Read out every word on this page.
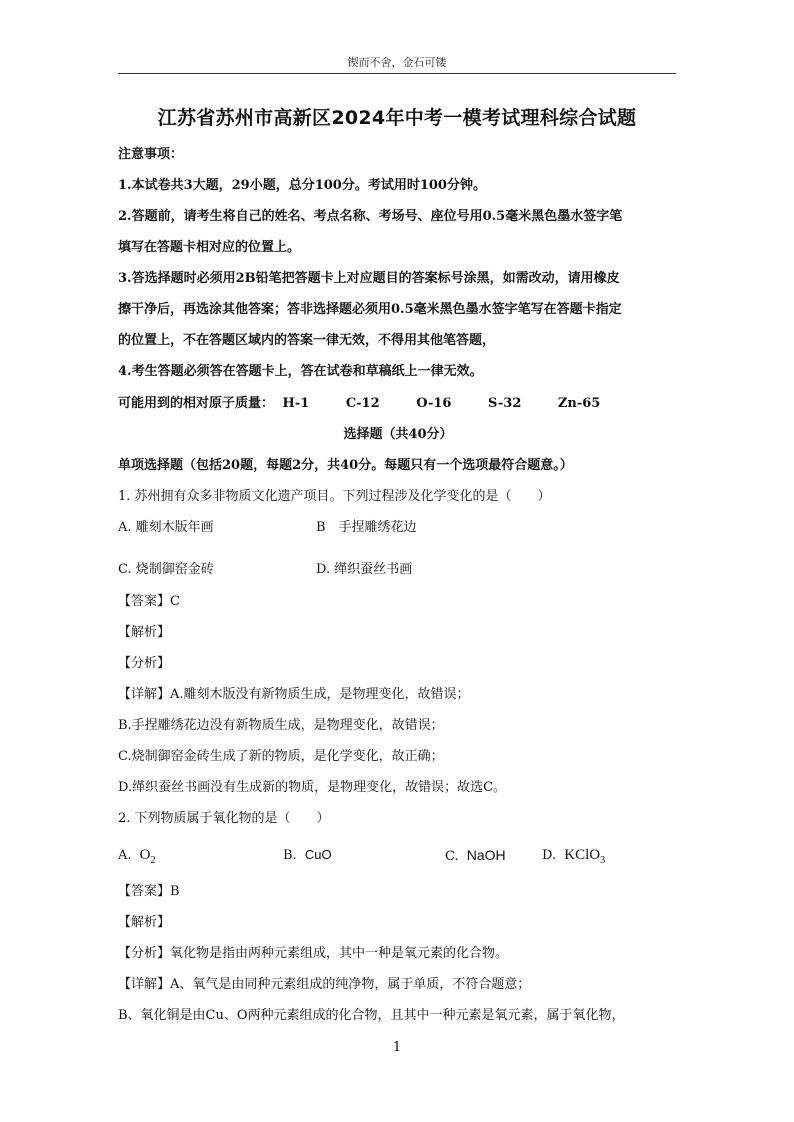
锲而不舍，金石可镂
江苏省苏州市高新区2024年中考一模考试理科综合试题
注意事项：
1.本试卷共3大题，29小题，总分100分。考试用时100分钟。
2.答题前，请考生将自己的姓名、考点名称、考场号、座位号用0.5毫米黑色墨水签字笔
填写在答题卡相对应的位置上。
3.答选择题时必须用2B铅笔把答题卡上对应题目的答案标号涂黑，如需改动，请用橡皮
擦干净后，再选涂其他答案；答非选择题必须用0.5毫米黑色墨水签字笔写在答题卡指定
的位置上，不在答题区域内的答案一律无效，不得用其他笔答题，
4.考生答题必须答在答题卡上，答在试卷和草稿纸上一律无效。
可能用到的相对原子质量： H-1	C-12	O-16	S-32	Zn-65
选择题（共40分）
单项选择题（包括20题，每题2分，共40分。每题只有一个选项最符合题意。）
1. 苏州拥有众多非物质文化遗产项目。下列过程涉及化学变化的是（　　）
A. 雕刻木版年画	B　手捏雕绣花边
C. 烧制御窑金砖	D. 缂织蚕丝书画
【答案】C
【解析】
【分析】
【详解】A.雕刻木版没有新物质生成，是物理变化，故错误；
B.手捏雕绣花边没有新物质生成，是物理变化，故错误；
C.烧制御窑金砖生成了新的物质，是化学变化，故正确；
D.缂织蚕丝书画没有生成新的物质，是物理变化，故错误；故选C。
2. 下列物质属于氧化物的是（　　）
A. $O_2$	B. CuO	C. NaOH	D. KClO$_3$
【答案】B
【解析】
【分析】氧化物是指由两种元素组成，其中一种是氧元素的化合物。
【详解】A、氧气是由同种元素组成的纯净物，属于单质，不符合题意；
B、氧化铜是由Cu、O两种元素组成的化合物，且其中一种元素是氧元素，属于氧化物，
1
